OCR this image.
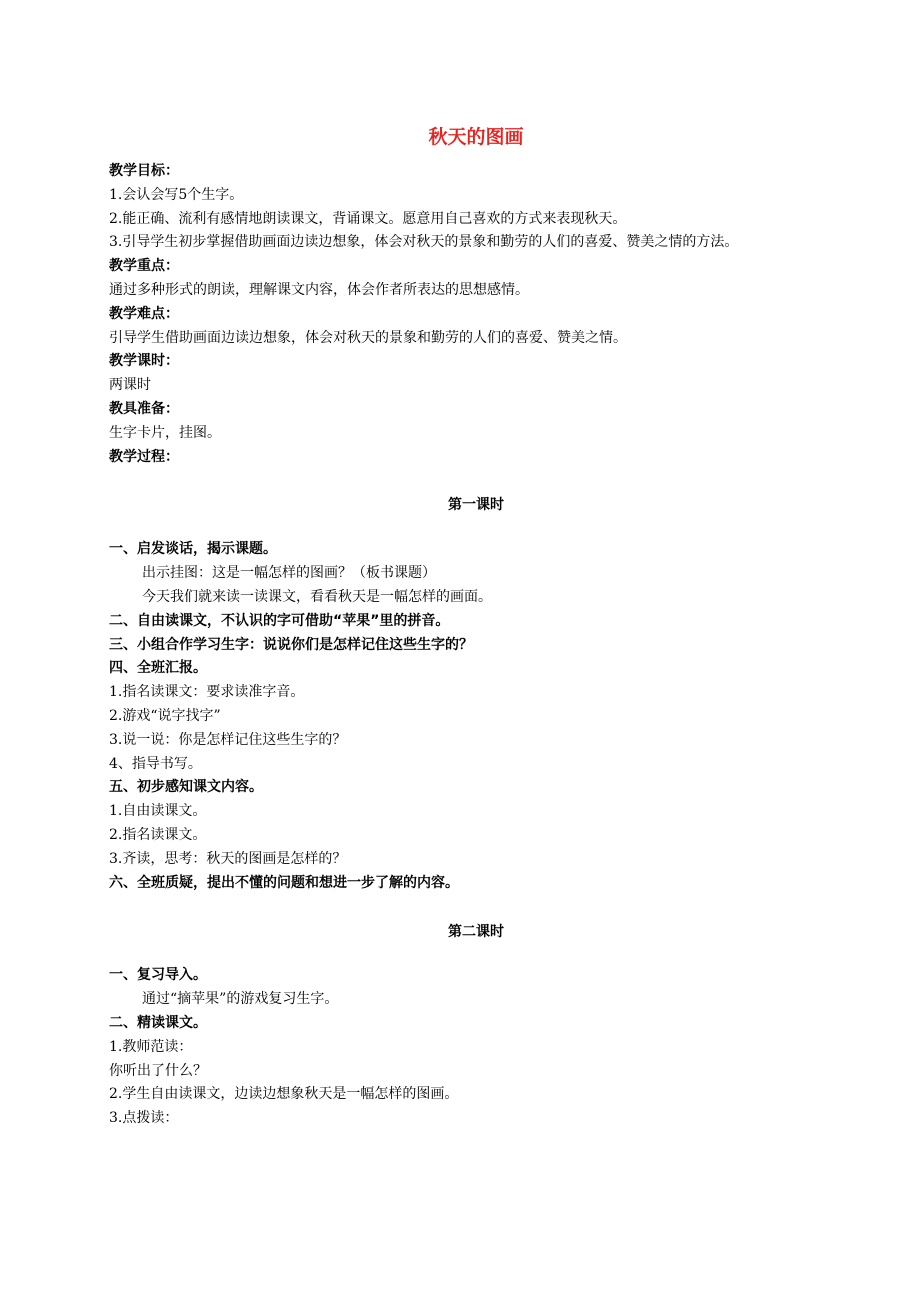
秋天的图画

教学目标：

1.会认会写5个生字。

2.能正确、流利有感情地朗读课文，背诵课文。愿意用自己喜欢的方式来表现秋天。

3.引导学生初步掌握借助画面边读边想象，体会对秋天的景象和勤劳的人们的喜爱、赞美之情的方法。

教学重点：

通过多种形式的朗读，理解课文内容，体会作者所表达的思想感情。

教学难点：

引导学生借助画面边读边想象，体会对秋天的景象和勤劳的人们的喜爱、赞美之情。

教学课时：

两课时

教具准备：

生字卡片，挂图。

教学过程：

第一课时

一、启发谈话，揭示课题。

出示挂图：这是一幅怎样的图画？（板书课题）

今天我们就来读一读课文，看看秋天是一幅怎样的画面。

二、自由读课文，不认识的字可借助“苹果”里的拼音。

三、小组合作学习生字：说说你们是怎样记住这些生字的？

四、全班汇报。

1.指名读课文：要求读准字音。

2.游戏“说字找字”

3.说一说：你是怎样记住这些生字的？

4、指导书写。

五、初步感知课文内容。

1.自由读课文。

2.指名读课文。

3.齐读，思考：秋天的图画是怎样的？

六、全班质疑，提出不懂的问题和想进一步了解的内容。

第二课时

一、复习导入。

通过“摘苹果”的游戏复习生字。

二、精读课文。

1.教师范读：

你听出了什么？

2.学生自由读课文，边读边想象秋天是一幅怎样的图画。

3.点拨读：
